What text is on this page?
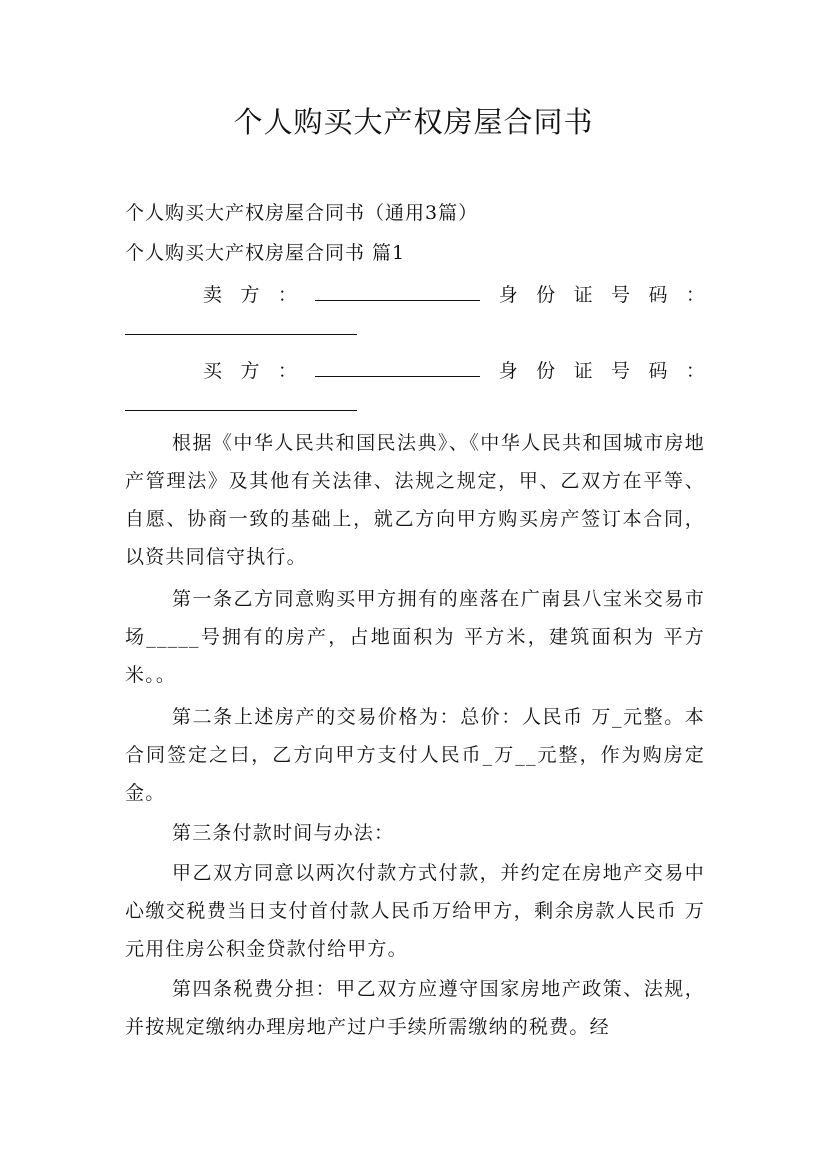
个人购买大产权房屋合同书
个人购买大产权房屋合同书（通用3篇）
个人购买大产权房屋合同书 篇1
卖 方 ：	身 份 证 号 码 ：
买 方 ：	身 份 证 号 码 ：

根据《中华人民共和国民法典》、《中华人民共和国城市房地产管理法》及其他有关法律、法规之规定，甲、乙双方在平等、自愿、协商一致的基础上，就乙方向甲方购买房产签订本合同，以资共同信守执行。

第一条乙方同意购买甲方拥有的座落在广南县八宝米交易市场_____号拥有的房产，占地面积为 平方米，建筑面积为 平方米。。

第二条上述房产的交易价格为：总价：人民币 万_元整。本合同签定之曰，乙方向甲方支付人民币_万__元整，作为购房定金。

第三条付款时间与办法：

甲乙双方同意以两次付款方式付款，并约定在房地产交易中心缴交税费当日支付首付款人民币万给甲方，剩余房款人民币 万元用住房公积金贷款付给甲方。

第四条税费分担：甲乙双方应遵守国家房地产政策、法规，并按规定缴纳办理房地产过户手续所需缴纳的税费。经
